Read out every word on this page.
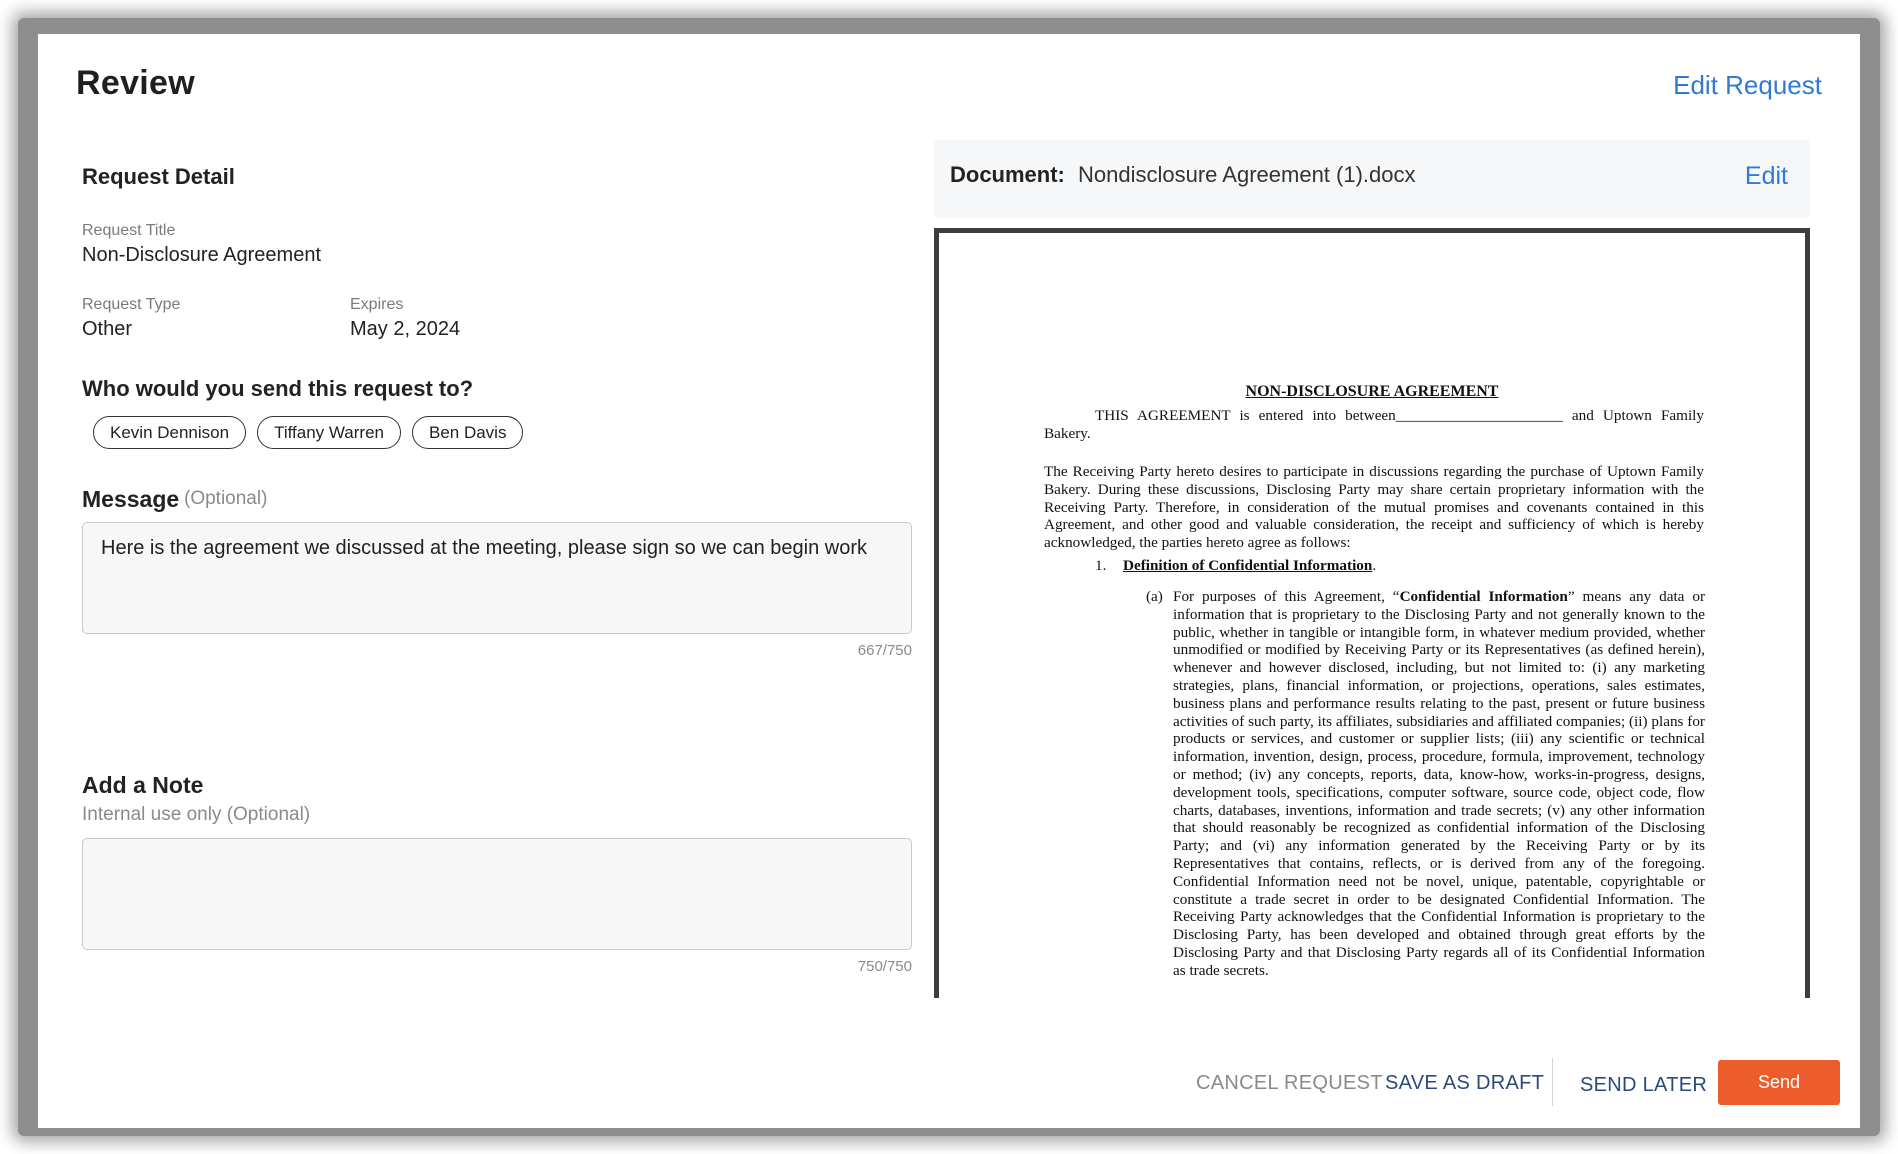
Review	Edit Request
Request Detail
Request Title
Non-Disclosure Agreement
Request Type
Other
Expires
May 2, 2024
Who would you send this request to?
Kevin Dennison	Tiffany Warren	Ben Davis
Message (Optional)
Here is the agreement we discussed at the meeting, please sign so we can begin work
667/750
Add a Note
Internal use only (Optional)
750/750
Document: Nondisclosure Agreement (1).docx	Edit
NON-DISCLOSURE AGREEMENT
THIS AGREEMENT is entered into between______________________ and Uptown Family Bakery.
The Receiving Party hereto desires to participate in discussions regarding the purchase of Uptown Family Bakery. During these discussions, Disclosing Party may share certain proprietary information with the Receiving Party. Therefore, in consideration of the mutual promises and covenants contained in this Agreement, and other good and valuable consideration, the receipt and sufficiency of which is hereby acknowledged, the parties hereto agree as follows:
1. Definition of Confidential Information.
(a) For purposes of this Agreement, “Confidential Information” means any data or information that is proprietary to the Disclosing Party and not generally known to the public, whether in tangible or intangible form, in whatever medium provided, whether unmodified or modified by Receiving Party or its Representatives (as defined herein), whenever and however disclosed, including, but not limited to: (i) any marketing strategies, plans, financial information, or projections, operations, sales estimates, business plans and performance results relating to the past, present or future business activities of such party, its affiliates, subsidiaries and affiliated companies; (ii) plans for products or services, and customer or supplier lists; (iii) any scientific or technical information, invention, design, process, procedure, formula, improvement, technology or method; (iv) any concepts, reports, data, know-how, works-in-progress, designs, development tools, specifications, computer software, source code, object code, flow charts, databases, inventions, information and trade secrets; (v) any other information that should reasonably be recognized as confidential information of the Disclosing Party; and (vi) any information generated by the Receiving Party or by its Representatives that contains, reflects, or is derived from any of the foregoing. Confidential Information need not be novel, unique, patentable, copyrightable or constitute a trade secret in order to be designated Confidential Information. The Receiving Party acknowledges that the Confidential Information is proprietary to the Disclosing Party, has been developed and obtained through great efforts by the Disclosing Party and that Disclosing Party regards all of its Confidential Information as trade secrets.
CANCEL REQUEST SAVE AS DRAFT SEND LATER	Send
